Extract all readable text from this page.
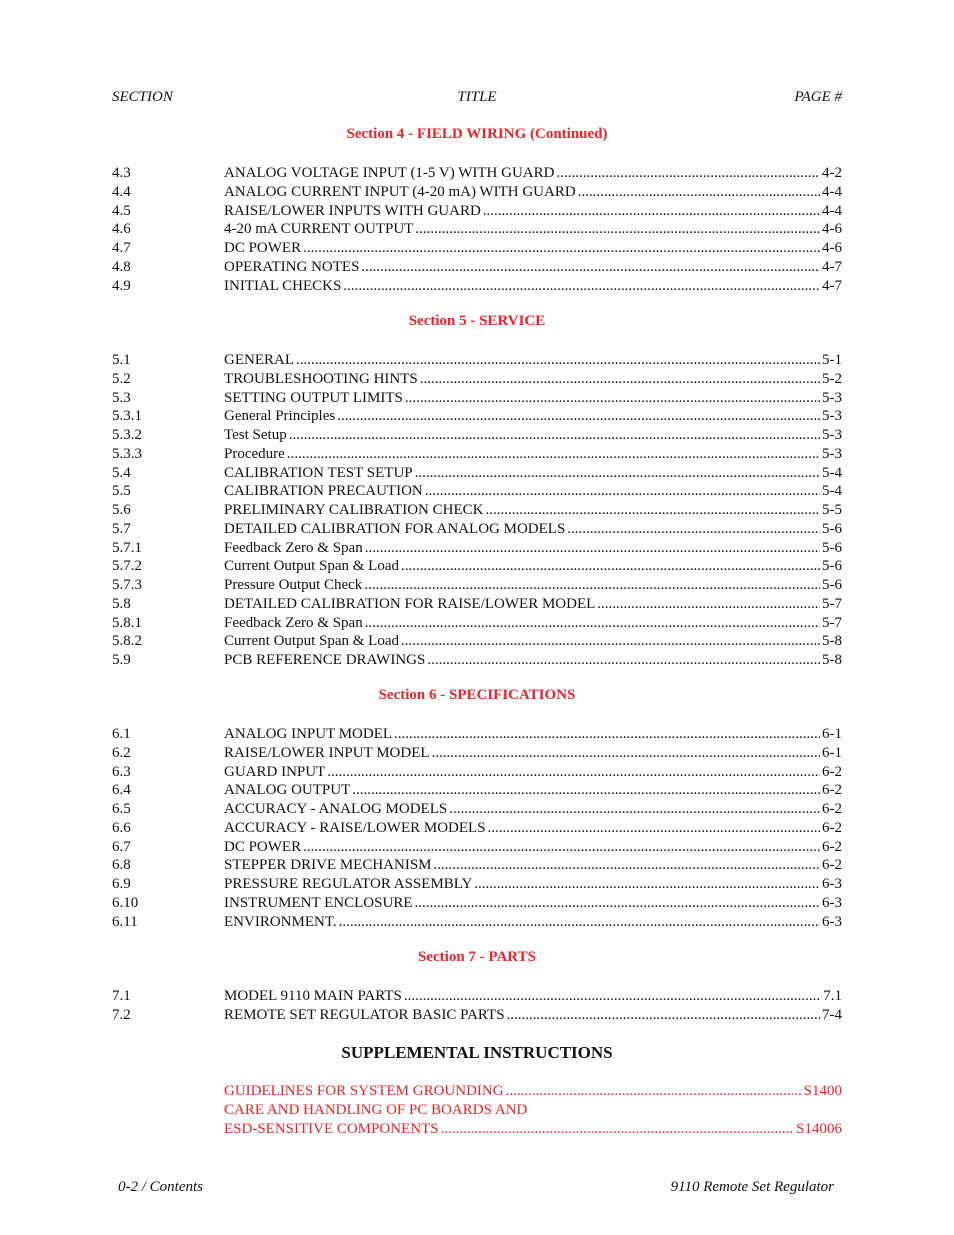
SECTION	TITLE	PAGE #
Section 4 - FIELD WIRING (Continued)
4.3	ANALOG VOLTAGE INPUT (1-5 V) WITH GUARD .....	4-2
4.4	ANALOG CURRENT INPUT (4-20 mA) WITH GUARD .....	4-4
4.5	RAISE/LOWER INPUTS WITH GUARD .....	4-4
4.6	4-20 mA CURRENT OUTPUT .....	4-6
4.7	DC POWER .....	4-6
4.8	OPERATING NOTES .....	4-7
4.9	INITIAL CHECKS .....	4-7
Section 5 - SERVICE
5.1	GENERAL .....	5-1
5.2	TROUBLESHOOTING HINTS .....	5-2
5.3	SETTING OUTPUT LIMITS .....	5-3
5.3.1	General Principles .....	5-3
5.3.2	Test Setup .....	5-3
5.3.3	Procedure .....	5-3
5.4	CALIBRATION TEST SETUP .....	5-4
5.5	CALIBRATION PRECAUTION .....	5-4
5.6	PRELIMINARY CALIBRATION CHECK .....	5-5
5.7	DETAILED CALIBRATION FOR ANALOG MODELS .....	5-6
5.7.1	Feedback Zero & Span .....	5-6
5.7.2	Current Output Span & Load .....	5-6
5.7.3	Pressure Output Check .....	5-6
5.8	DETAILED CALIBRATION FOR RAISE/LOWER MODEL .....	5-7
5.8.1	Feedback Zero & Span .....	5-7
5.8.2	Current Output Span & Load .....	5-8
5.9	PCB REFERENCE DRAWINGS .....	5-8
Section 6 - SPECIFICATIONS
6.1	ANALOG INPUT MODEL .....	6-1
6.2	RAISE/LOWER INPUT MODEL .....	6-1
6.3	GUARD INPUT .....	6-2
6.4	ANALOG OUTPUT .....	6-2
6.5	ACCURACY - ANALOG MODELS .....	6-2
6.6	ACCURACY - RAISE/LOWER MODELS .....	6-2
6.7	DC POWER .....	6-2
6.8	STEPPER DRIVE MECHANISM .....	6-2
6.9	PRESSURE REGULATOR ASSEMBLY .....	6-3
6.10	INSTRUMENT ENCLOSURE .....	6-3
6.11	ENVIRONMENT. .....	6-3
Section 7 - PARTS
7.1	MODEL 9110 MAIN PARTS .....	7.1
7.2	REMOTE SET REGULATOR BASIC PARTS .....	7-4
SUPPLEMENTAL INSTRUCTIONS
GUIDELINES FOR SYSTEM GROUNDING .....	S1400
CARE AND HANDLING OF PC BOARDS AND
ESD-SENSITIVE COMPONENTS .....	S14006
0-2 / Contents	9110 Remote Set Regulator
